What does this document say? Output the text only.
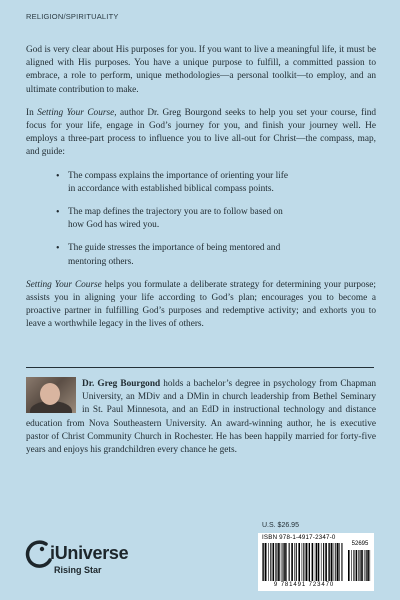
RELIGION/SPIRITUALITY

God is very clear about His purposes for you. If you want to live a meaningful life, it must be aligned with His purposes. You have a unique purpose to fulfill, a committed passion to embrace, a role to perform, unique methodologies—a personal toolkit—to employ, and an ultimate contribution to make.

In Setting Your Course, author Dr. Greg Bourgond seeks to help you set your course, find focus for your life, engage in God’s journey for you, and finish your journey well. He employs a three-part process to influence you to live all-out for Christ—the compass, map, and guide:

• The compass explains the importance of orienting your life in accordance with established biblical compass points.
• The map defines the trajectory you are to follow based on how God has wired you.
• The guide stresses the importance of being mentored and mentoring others.

Setting Your Course helps you formulate a deliberate strategy for determining your purpose; assists you in aligning your life according to God’s plan; encourages you to become a proactive partner in fulfilling God’s purposes and redemptive activity; and exhorts you to leave a worthwhile legacy in the lives of others.

Dr. Greg Bourgond holds a bachelor’s degree in psychology from Chapman University, an MDiv and a DMin in church leadership from Bethel Seminary in St. Paul Minnesota, and an EdD in instructional technology and distance education from Nova Southeastern University. An award-winning author, he is executive pastor of Christ Community Church in Rochester. He has been happily married for forty-five years and enjoys his grandchildren every chance he gets.
U.S. $26.95
ISBN 978-1-4917-2347-0
52695
9 781491 723470
iUniverse
Rising Star
